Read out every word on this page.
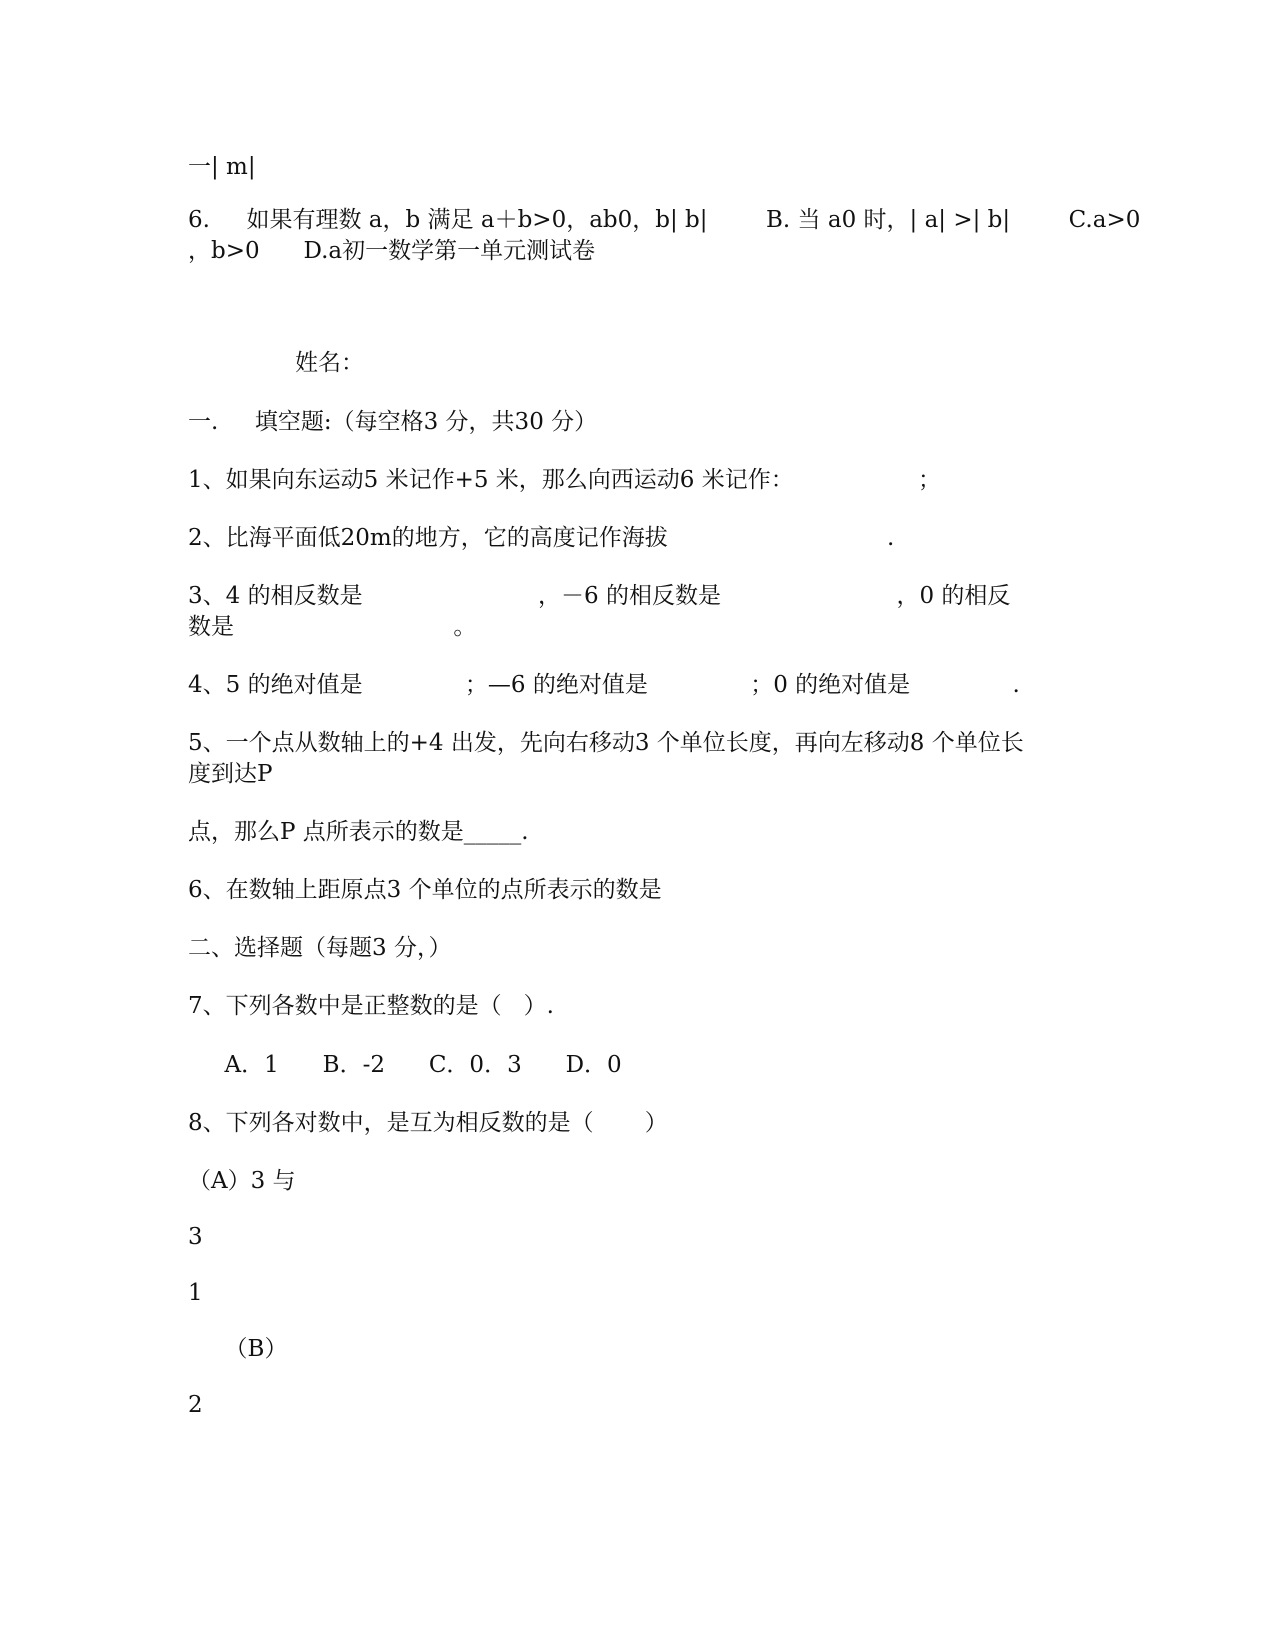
一| m|

6.     如果有理数 a，b 满足 a＋b>0，ab0，b| b|        B. 当 a0 时，| a| >| b|        C.a>0

，b>0      D.a初一数学第一单元测试卷

姓名：

一.     填空题:（每空格3 分，共30 分）

1、如果向东运动5 米记作+5 米，那么向西运动6 米记作：                 ；

2、比海平面低20m的地方，它的高度记作海拔                              .

3、4 的相反数是                        ，－6 的相反数是                        ，0 的相反

数是                              。

4、5 的绝对值是              ；—6 的绝对值是              ；0 的绝对值是              .

5、一个点从数轴上的+4 出发，先向右移动3 个单位长度，再向左移动8 个单位长

度到达P

点，那么P 点所表示的数是_____.

6、在数轴上距原点3 个单位的点所表示的数是

二、选择题（每题3 分，）

7、下列各数中是正整数的是（   ）.

A．1      B．-2      C．0．3      D．0

8、下列各对数中，是互为相反数的是（       ）

（A）3 与

3

1

（B）

2
